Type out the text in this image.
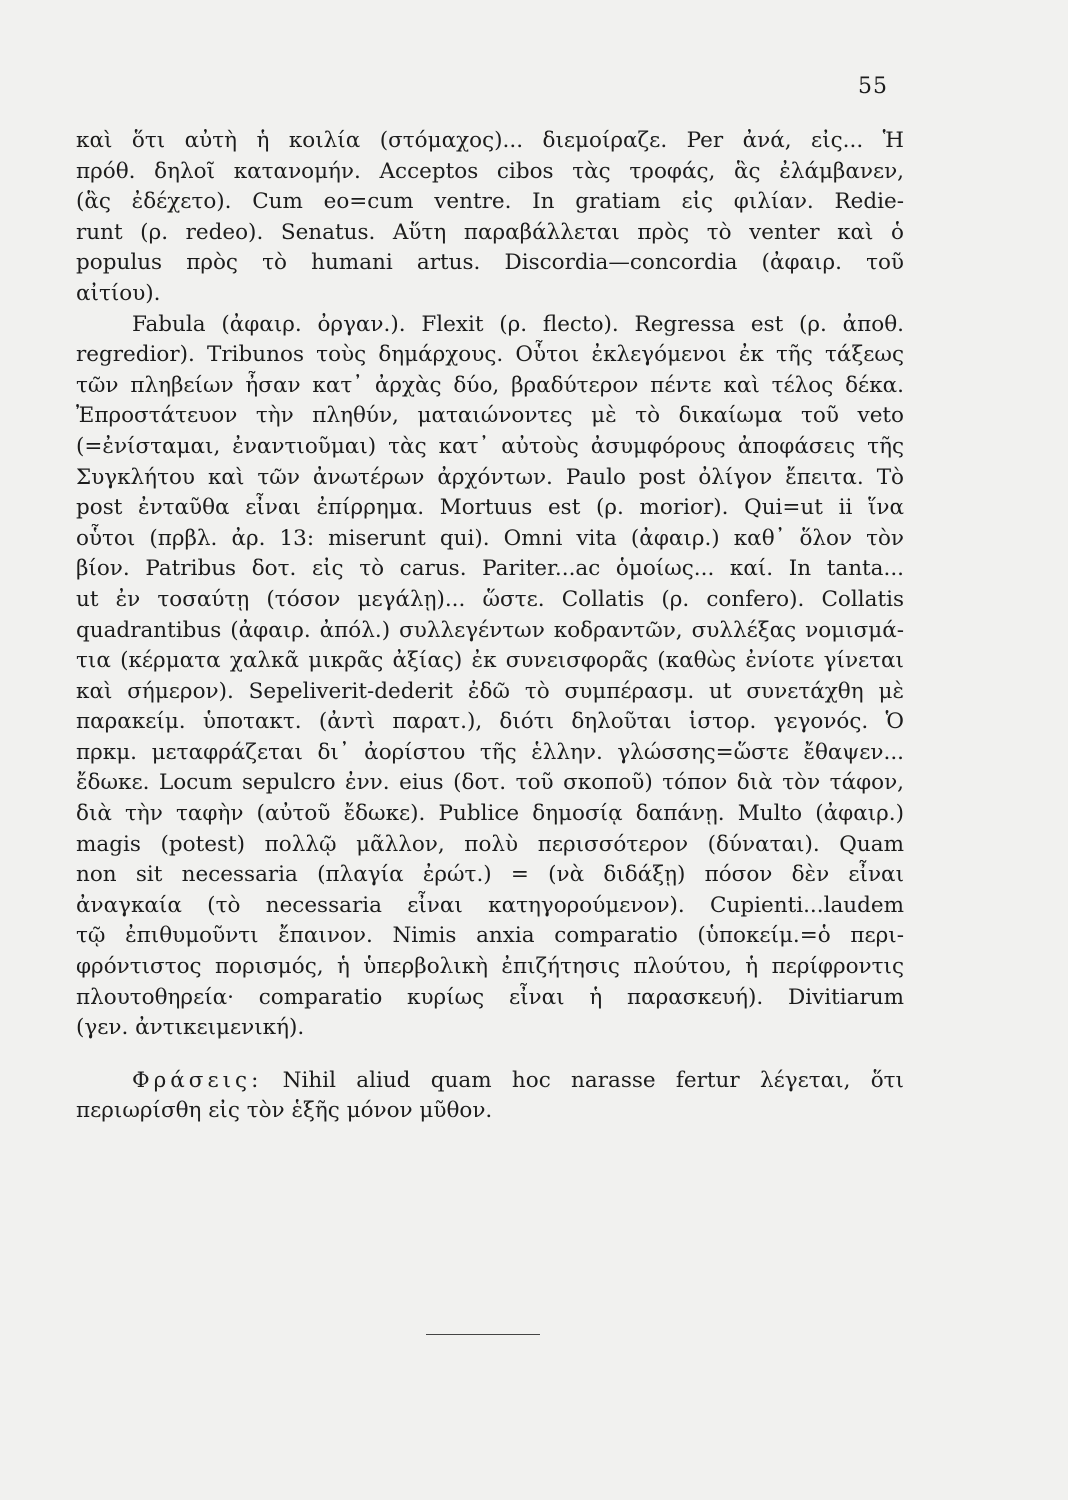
55
καὶ ὅτι αὐτὴ ἡ κοιλία (στόμαχος)... διεμοίραζε. Per ἀνά, εἰς... Ἡ
πρόθ. δηλοῖ κατανομήν. Acceptos cibos τὰς τροφάς, ἃς ἐλάμβανεν,
(ἃς ἐδέχετο). Cum eo=cum ventre. In gratiam εἰς φιλίαν. Redie-
runt (ρ. redeo). Senatus. Αὕτη παραβάλλεται πρὸς τὸ venter καὶ ὁ
populus πρὸς τὸ humani artus. Discordia—concordia (ἀφαιρ. τοῦ
αἰτίου).
Fabula (ἀφαιρ. ὀργαν.). Flexit (ρ. flecto). Regressa est (ρ. ἀποθ.
regredior). Tribunos τοὺς δημάρχους. Οὗτοι ἐκλεγόμενοι ἐκ τῆς τάξεως
τῶν πληβείων ἦσαν κατ᾽ ἀρχὰς δύο, βραδύτερον πέντε καὶ τέλος δέκα.
Ἐπροστάτευον τὴν πληθύν, ματαιώνοντες μὲ τὸ δικαίωμα τοῦ veto
(=ἐνίσταμαι, ἐναντιοῦμαι) τὰς κατ᾽ αὐτοὺς ἀσυμφόρους ἀποφάσεις τῆς
Συγκλήτου καὶ τῶν ἀνωτέρων ἀρχόντων. Paulo post ὀλίγον ἔπειτα. Τὸ
post ἐνταῦθα εἶναι ἐπίρρημα. Mortuus est (ρ. morior). Qui=ut ii ἵνα
οὗτοι (πρβλ. ἀρ. 13: miserunt qui). Omni vita (ἀφαιρ.) καθ᾽ ὅλον τὸν
βίον. Patribus δοτ. εἰς τὸ carus. Pariter...ac ὁμοίως... καί. In tanta...
ut ἐν τοσαύτῃ (τόσον μεγάλῃ)... ὥστε. Collatis (ρ. confero). Collatis
quadrantibus (ἀφαιρ. ἀπόλ.) συλλεγέντων κοδραντῶν, συλλέξας νομισμά-
τια (κέρματα χαλκᾶ μικρᾶς ἀξίας) ἐκ συνεισφορᾶς (καθὼς ἐνίοτε γίνεται
καὶ σήμερον). Sepeliverit-dederit ἐδῶ τὸ συμπέρασμ. ut συνετάχθη μὲ
παρακείμ. ὑποτακτ. (ἀντὶ παρατ.), διότι δηλοῦται ἱστορ. γεγονός. Ὁ
πρκμ. μεταφράζεται δι᾽ ἀορίστου τῆς ἑλλην. γλώσσης=ὥστε ἔθαψεν...
ἔδωκε. Locum sepulcro ἐνν. eius (δοτ. τοῦ σκοποῦ) τόπον διὰ τὸν τάφον,
διὰ τὴν ταφὴν (αὐτοῦ ἔδωκε). Publice δημοσίᾳ δαπάνῃ. Multo (ἀφαιρ.)
magis (potest) πολλῷ μᾶλλον, πολὺ περισσότερον (δύναται). Quam
non sit necessaria (πλαγία ἐρώτ.) = (νὰ διδάξῃ) πόσον δὲν εἶναι
ἀναγκαία (τὸ necessaria εἶναι κατηγορούμενον). Cupienti...laudem
τῷ ἐπιθυμοῦντι ἔπαινον. Nimis anxia comparatio (ὑποκείμ.=ὁ περι-
φρόντιστος πορισμός, ἡ ὑπερβολικὴ ἐπιζήτησις πλούτου, ἡ περίφροντις
πλουτοθηρεία· comparatio κυρίως εἶναι ἡ παρασκευή). Divitiarum
(γεν. ἀντικειμενική).
Φράσεις: Nihil aliud quam hoc narasse fertur λέγεται, ὅτι
περιωρίσθη εἰς τὸν ἑξῆς μόνον μῦθον.
